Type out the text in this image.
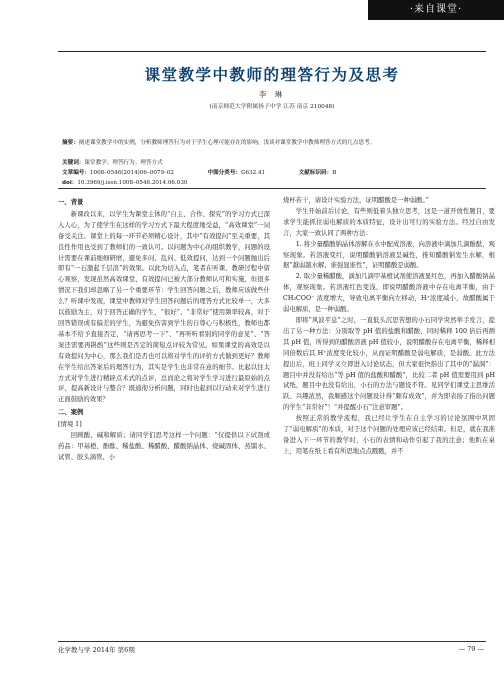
·来自课堂·
课堂教学中教师的理答行为及思考
李 琳
(南京师范大学附属扬子中学 江苏 南京 210048)
摘要：阐述课堂教学中的实例，分析教师理答行为对于学生心理可能存在的影响，浅谈对课堂教学中教师理答方式的几点思考。
关键词：课堂教学；理答行为；理答方式
文章编号：1008–0546(2014)06–0079–02	中图分类号：G632.41	文献标识码：B
doi：10.3969/j.issn.1008–0546.2014.06.030

一、背景

新课改以来，以学生为课堂主体的“自主、合作、探究”的学习方式已深入人心，为了使学生在这样的学习方式下最大程度地受益，“高效课堂”一词备受关注。课堂上的每一环节必须精心设计，其中“有效提问”至关重要，其良性作用也受到了教师们的一致认可。以问题为中心的组织教学，问题的设计需要在课前细细研磨，避免多问、乱问、低效提问，达到一个问题抛出后即有“一石激起千层浪”的效果。以此为切入点，笔者在听课、教研过程中留心观察，发现虽然高效课堂、有效提问已被大部分教师认可和实施，但很多情况下我们却忽略了另一个重要环节：学生回答问题之后，教师应该做些什么？听课中发现，课堂中教师对学生回答问题后的理答方式比较单一，大多以鼓励为主，对于回答正确的学生，“很好”、“非常好”使用频率较高，对于回答错误或有偏差的学生，为避免伤害到学生的自尊心与积极性，教师也都基本不给予直接否定，“请再思考一下”、“再听听看别的同学的意见”、“答案还需要再斟酌”这些则是否定的简短点评较为常见。如果课堂的高效是以有效提问为中心，那么我们是否也可以将对学生的评价方式做到更好？教师在学生给出答案后的理答行为，其实是学生也非常在意的细节。比起以往太方式对学生进行精辟点术式的点评，总而论之将对学生学习进行最原始的点评、提高新设计与整合？既通彻分析问题，同时也起到以行动来对学生进行正面鼓励的效果？

二、案例

[情境 1]

回顾酸、碱和解质；请同学们思考这样一个问题：“仅提供以下试剂或药品：甲基橙、酚酞、稀盐酸、稀醋酸、醋酸钠晶体、烧碱固体、蒸馏水、试管、胶头滴管、小

烧杯若干，请设计实验方法，证明醋酸是一种弱酸。”

学生开始前后讨论，有些则低着头独立思考，这是一道开放性题目，要求学生能抓住弱电解质的本质特征，设计出可行的实验方法。经过自由发言，大家一致认同了两种方法：

1. 将少量醋酸钠晶体溶解在水中配成溶液，向溶液中滴加几滴酚酞，观察现象。若溶液变红，说明醋酸钠溶液呈碱性，推知醋酸钠发生水解，根据“越弱越水解，谁强显谁性”，证明醋酸是弱酸。

2. 取少量稀醋酸，滴加几滴甲基橙试剂使溶液显红色，再加入醋酸钠晶体，观察现象。若溶液红色变浅，即说明醋酸溶液中存在电离平衡，由于 CH₃COO⁻ 浓度增大，导致电离平衡向左移动，H⁺浓度减小，故醋酸属于弱电解质，是一种弱酸。

即将“风波平息”之时，一直低头沉思苦想的小石同学突然举手发言，提出了另一种方法：分别取等 pH 值的盐酸和醋酸，同时稀释 100 倍后再测其 pH 值，所得到的醋酸溶液 pH 值较小，说明醋酸存在电离平衡，稀释相同倍数后其 H⁺浓度变化较小，从而证明醋酸是弱电解质，是弱酸。此方法提出后，班上同学又立即进入讨论状态，但大家很快指出了其中的“漏洞”：题目中并没有给出“等 pH 值的盐酸和醋酸”，比较二者 pH 值需要用到 pH 试纸，题目中也没有给出，小石的方法与题设不符。见同学们课堂主思维活跃、兴趣浓然，我顺感这个问题设计得“颇有成效”，并为即表扬了指出问题的学生“非常好”！“并提醒小石”注意审题”。

按照正常的教学流程，我已经让学生在自主学习的讨论氛围中巩固了“弱电解质”的本质，对于这个问题的处理应该已经结束。但是，就在我准备进入下一环节的教学时，小石的表情和动作引起了我的注意；他趴在桌上，用笔在纸上看有所思地点点戳戳，并不

化学教与学 2014年 第6期	— 79 —
